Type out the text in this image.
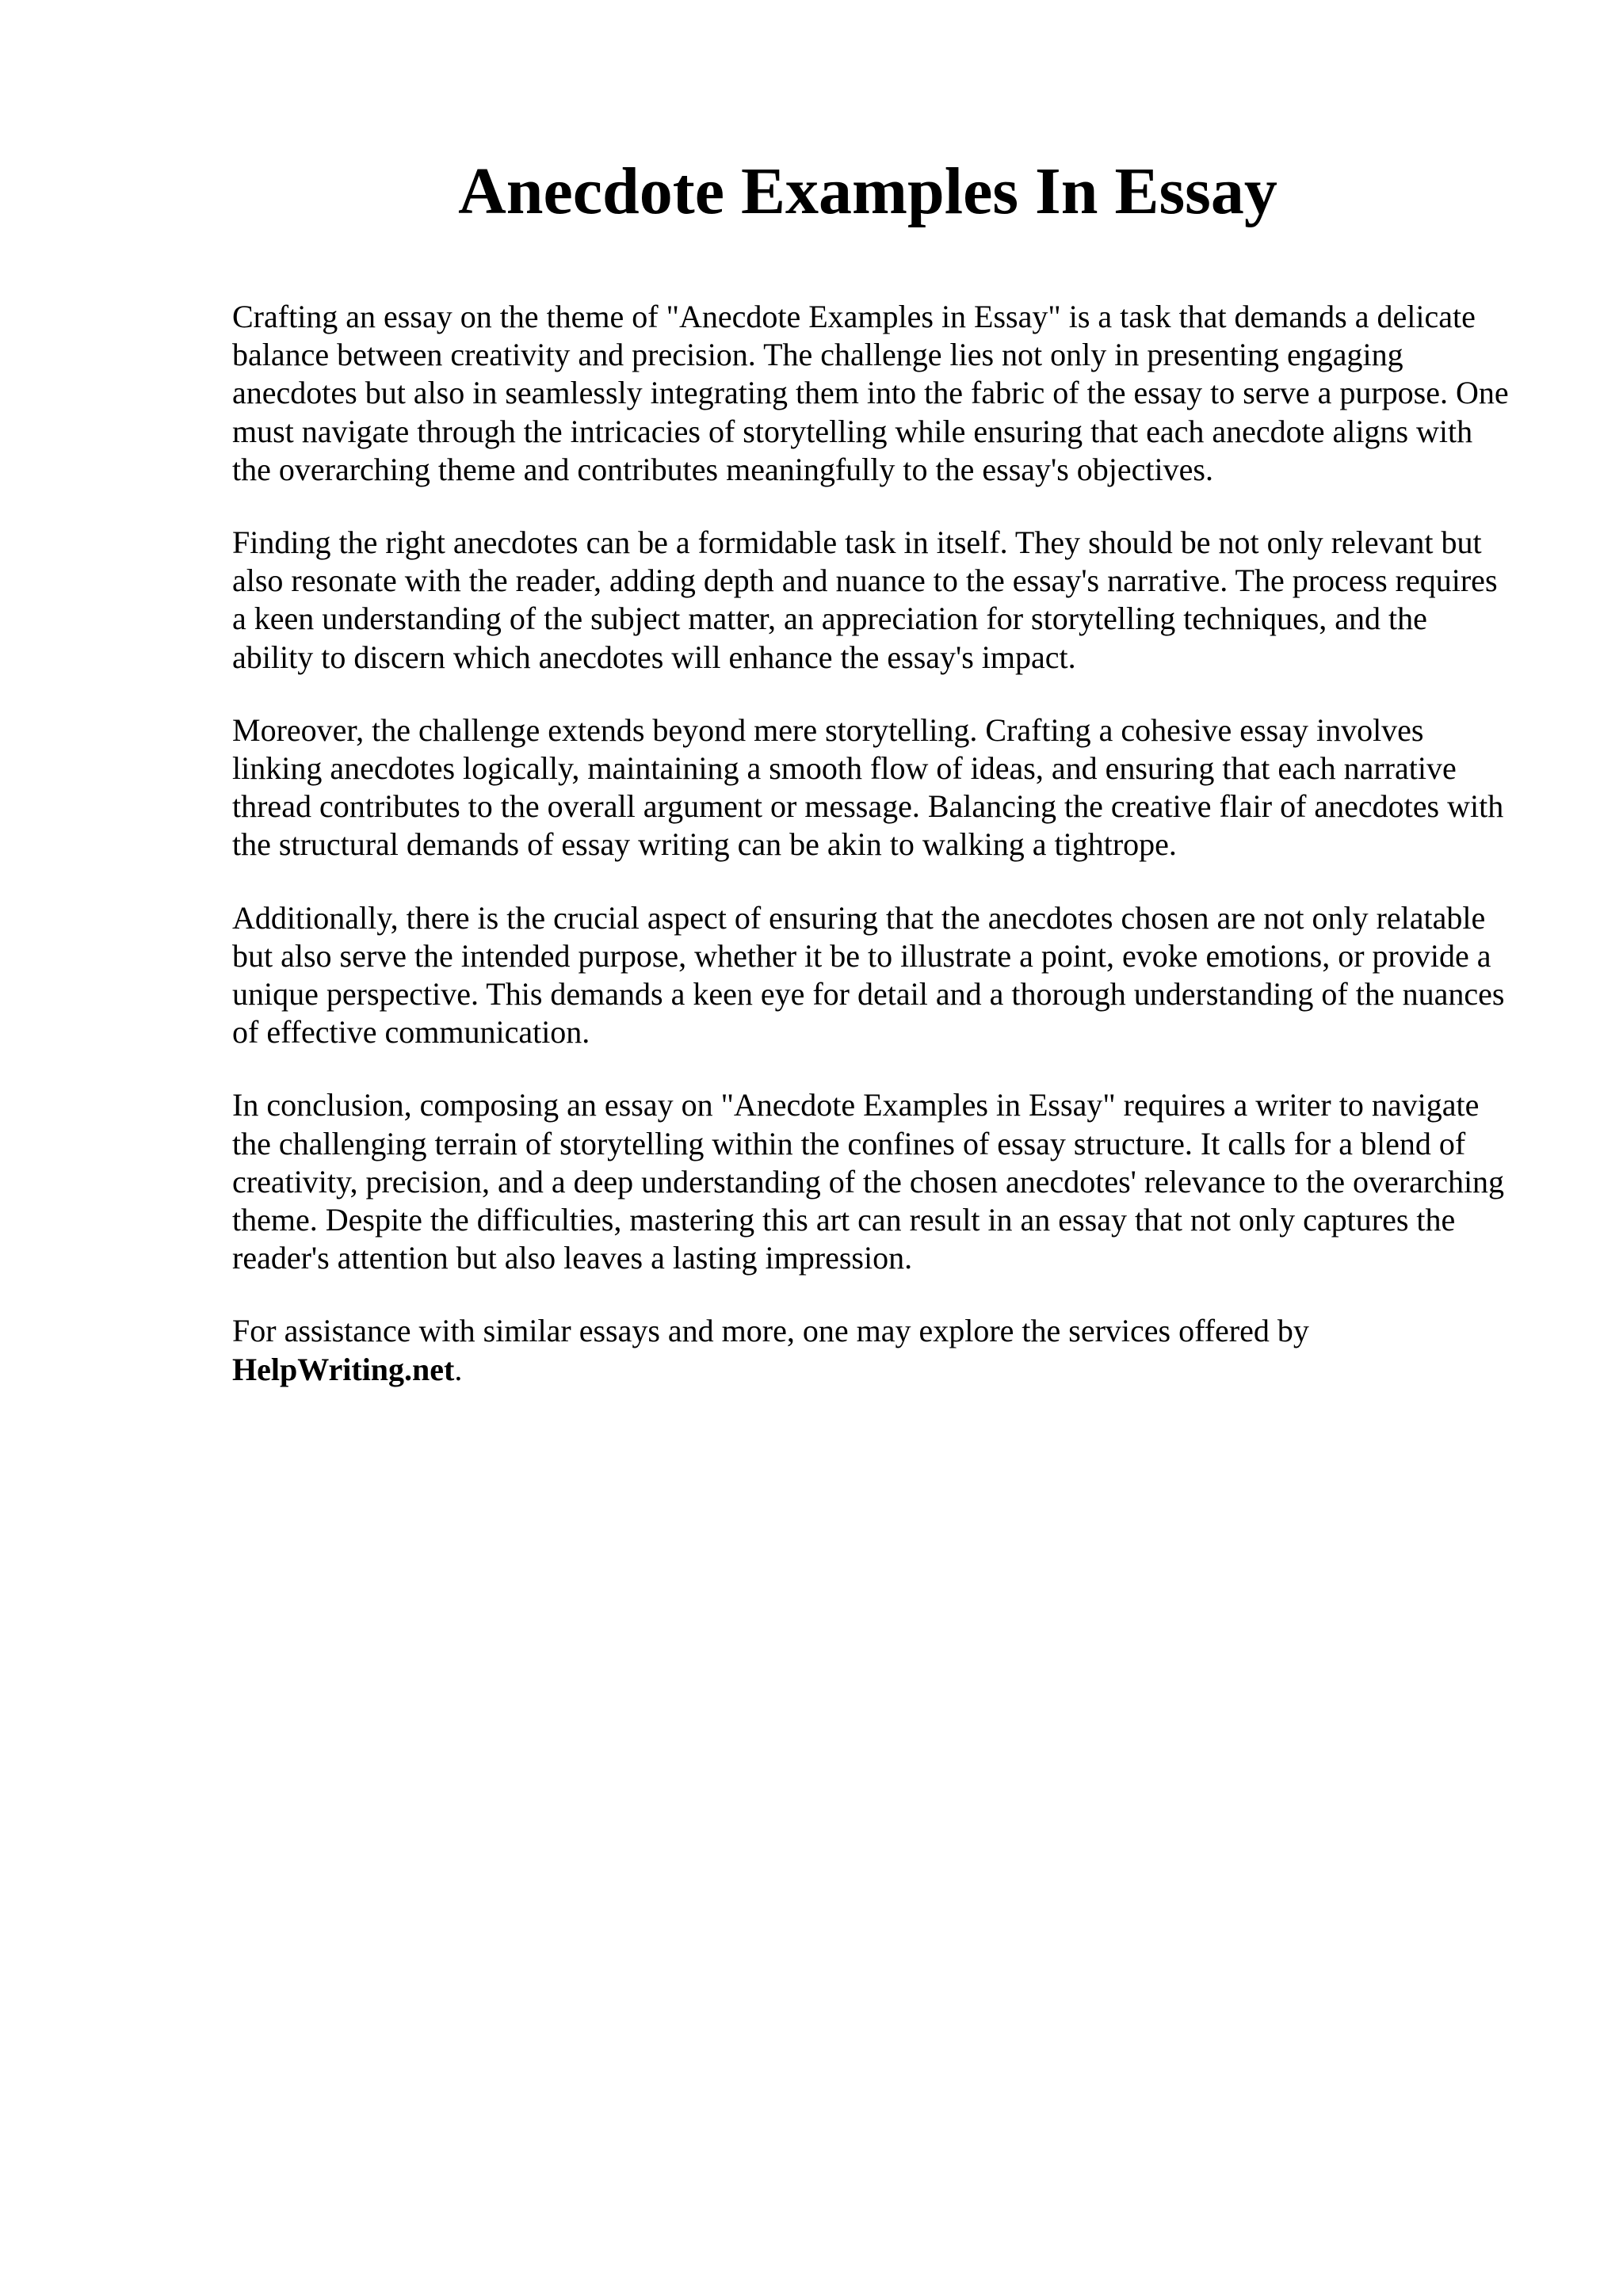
Anecdote Examples In Essay

Crafting an essay on the theme of "Anecdote Examples in Essay" is a task that demands a delicate balance between creativity and precision. The challenge lies not only in presenting engaging anecdotes but also in seamlessly integrating them into the fabric of the essay to serve a purpose. One must navigate through the intricacies of storytelling while ensuring that each anecdote aligns with the overarching theme and contributes meaningfully to the essay's objectives.

Finding the right anecdotes can be a formidable task in itself. They should be not only relevant but also resonate with the reader, adding depth and nuance to the essay's narrative. The process requires a keen understanding of the subject matter, an appreciation for storytelling techniques, and the ability to discern which anecdotes will enhance the essay's impact.

Moreover, the challenge extends beyond mere storytelling. Crafting a cohesive essay involves linking anecdotes logically, maintaining a smooth flow of ideas, and ensuring that each narrative thread contributes to the overall argument or message. Balancing the creative flair of anecdotes with the structural demands of essay writing can be akin to walking a tightrope.

Additionally, there is the crucial aspect of ensuring that the anecdotes chosen are not only relatable but also serve the intended purpose, whether it be to illustrate a point, evoke emotions, or provide a unique perspective. This demands a keen eye for detail and a thorough understanding of the nuances of effective communication.

In conclusion, composing an essay on "Anecdote Examples in Essay" requires a writer to navigate the challenging terrain of storytelling within the confines of essay structure. It calls for a blend of creativity, precision, and a deep understanding of the chosen anecdotes' relevance to the overarching theme. Despite the difficulties, mastering this art can result in an essay that not only captures the reader's attention but also leaves a lasting impression.

For assistance with similar essays and more, one may explore the services offered by
HelpWriting.net.
